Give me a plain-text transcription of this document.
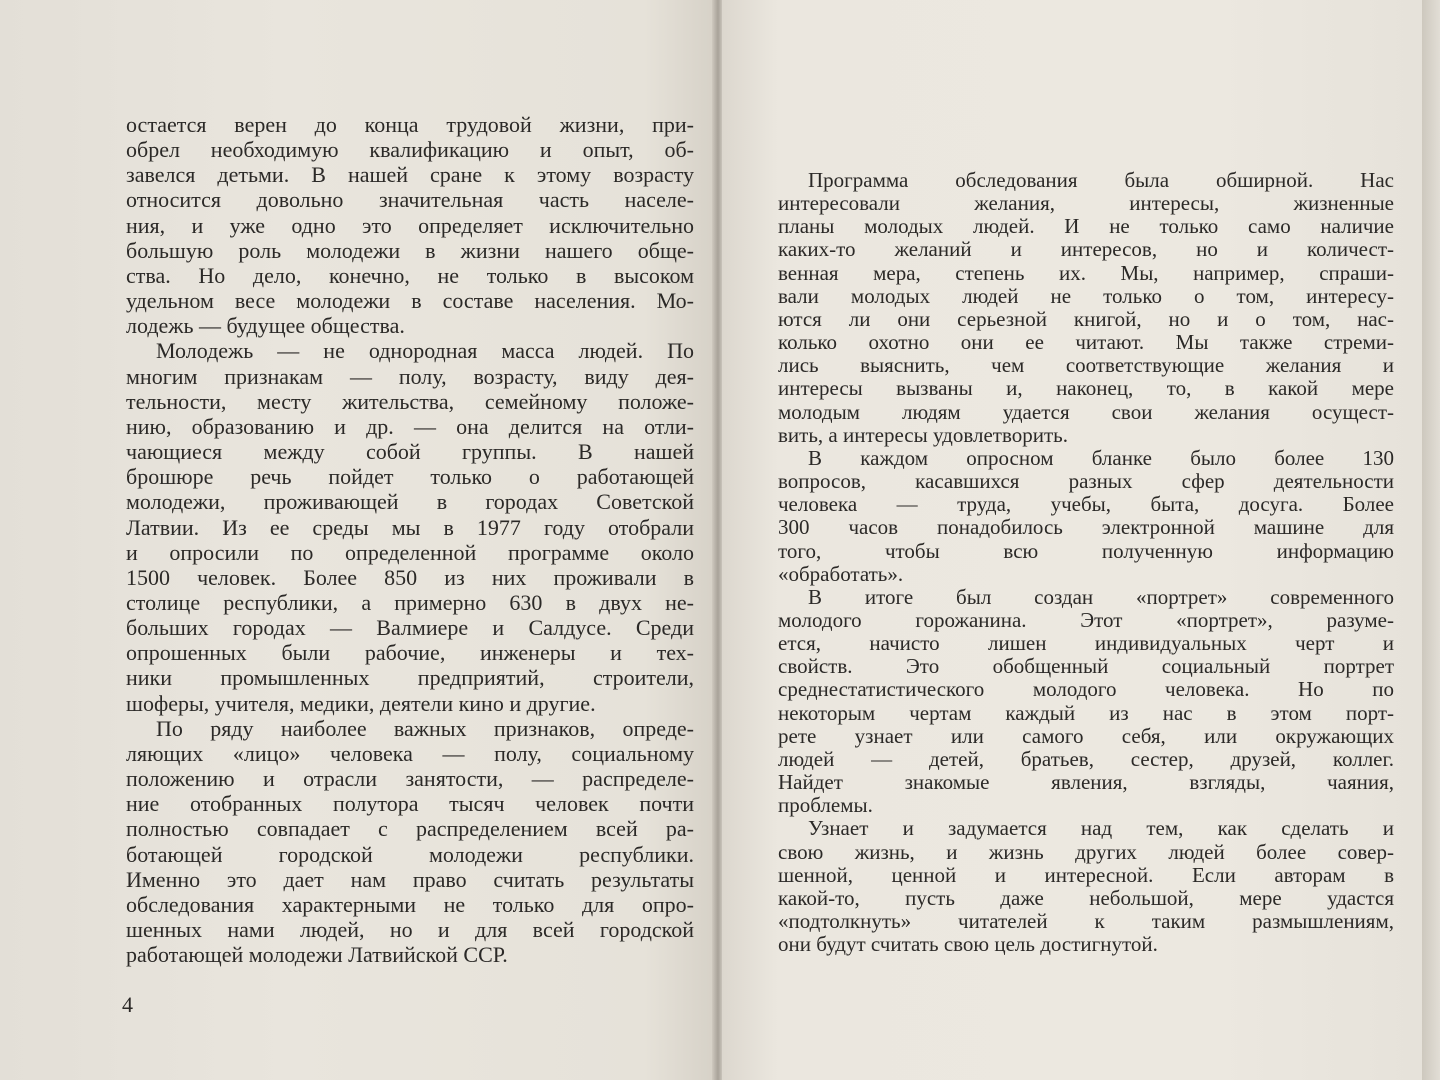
остается верен до конца трудовой жизни, при-
обрел необходимую квалификацию и опыт, об-
завелся детьми. В нашей сране к этому возрасту
относится довольно значительная часть населе-
ния, и уже одно это определяет исключительно
большую роль молодежи в жизни нашего обще-
ства. Но дело, конечно, не только в высоком
удельном весе молодежи в составе населения. Мо-
лодежь — будущее общества.
Молодежь — не однородная масса людей. По
многим признакам — полу, возрасту, виду дея-
тельности, месту жительства, семейному положе-
нию, образованию и др. — она делится на отли-
чающиеся между собой группы. В нашей
брошюре речь пойдет только о работающей
молодежи, проживающей в городах Советской
Латвии. Из ее среды мы в 1977 году отобрали
и опросили по определенной программе около
1500 человек. Более 850 из них проживали в
столице республики, а примерно 630 в двух не-
больших городах — Валмиере и Салдусе. Среди
опрошенных были рабочие, инженеры и тех-
ники промышленных предприятий, строители,
шоферы, учителя, медики, деятели кино и другие.
По ряду наиболее важных признаков, опреде-
ляющих «лицо» человека — полу, социальному
положению и отрасли занятости, — распределе-
ние отобранных полутора тысяч человек почти
полностью совпадает с распределением всей ра-
ботающей городской молодежи республики.
Именно это дает нам право считать результаты
обследования характерными не только для опро-
шенных нами людей, но и для всей городской
работающей молодежи Латвийской ССР.
Программа обследования была обширной. Нас
интересовали желания, интересы, жизненные
планы молодых людей. И не только само наличие
каких-то желаний и интересов, но и количест-
венная мера, степень их. Мы, например, спраши-
вали молодых людей не только о том, интересу-
ются ли они серьезной книгой, но и о том, нас-
колько охотно они ее читают. Мы также стреми-
лись выяснить, чем соответствующие желания и
интересы вызваны и, наконец, то, в какой мере
молодым людям удается свои желания осущест-
вить, а интересы удовлетворить.
В каждом опросном бланке было более 130
вопросов, касавшихся разных сфер деятельности
человека — труда, учебы, быта, досуга. Более
300 часов понадобилось электронной машине для
того, чтобы всю полученную информацию
«обработать».
В итоге был создан «портрет» современного
молодого горожанина. Этот «портрет», разуме-
ется, начисто лишен индивидуальных черт и
свойств. Это обобщенный социальный портрет
среднестатистического молодого человека. Но по
некоторым чертам каждый из нас в этом порт-
рете узнает или самого себя, или окружающих
людей — детей, братьев, сестер, друзей, коллег.
Найдет знакомые явления, взгляды, чаяния,
проблемы.
Узнает и задумается над тем, как сделать и
свою жизнь, и жизнь других людей более совер-
шенной, ценной и интересной. Если авторам в
какой-то, пусть даже небольшой, мере удастся
«подтолкнуть» читателей к таким размышлениям,
они будут считать свою цель достигнутой.
4
